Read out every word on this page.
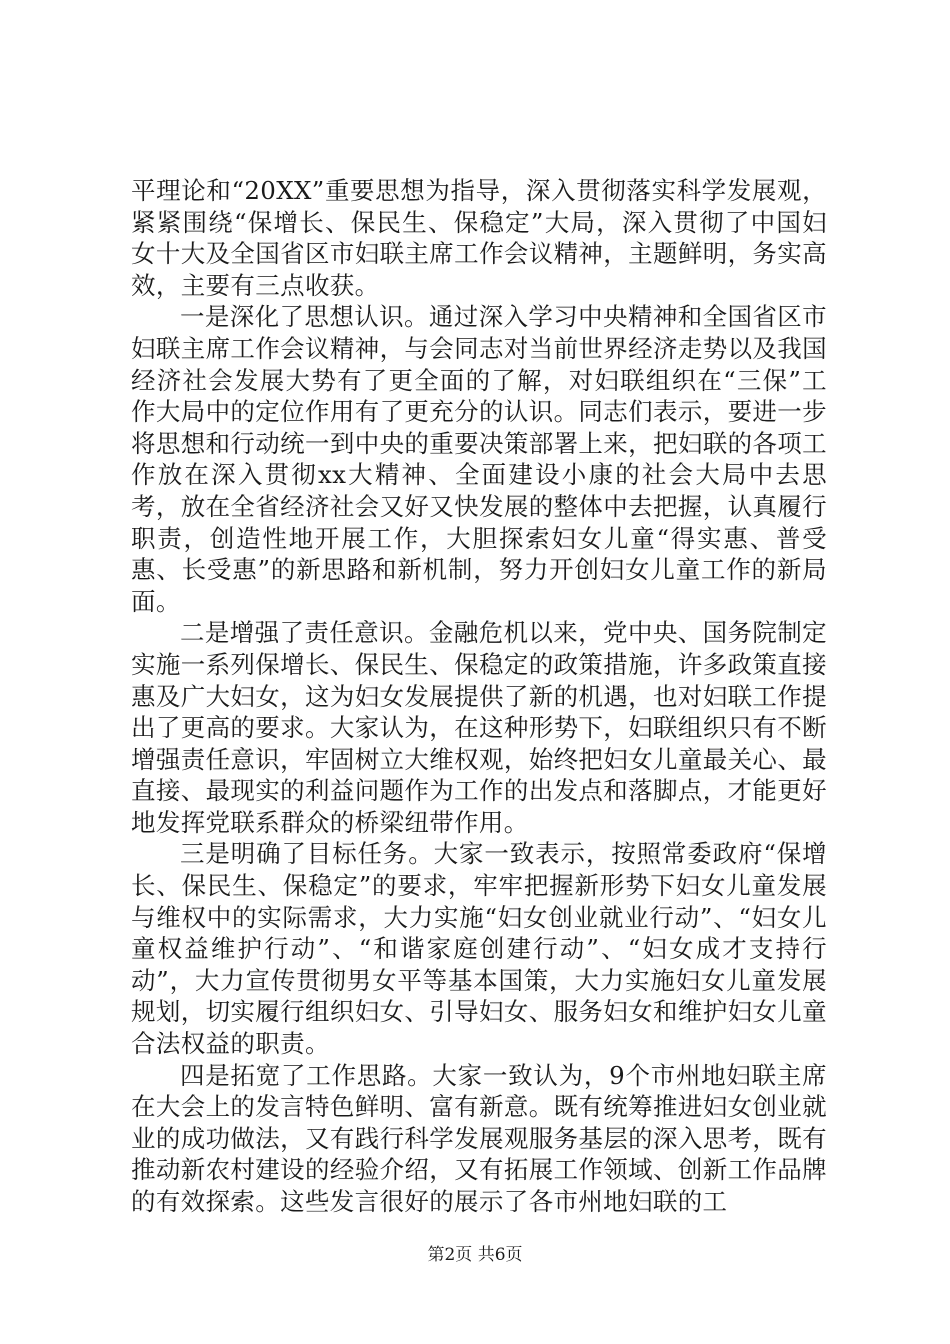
平理论和“20XX”重要思想为指导，深入贯彻落实科学发展观，紧紧围绕“保增长、保民生、保稳定”大局，深入贯彻了中国妇女十大及全国省区市妇联主席工作会议精神，主题鲜明，务实高效，主要有三点收获。

一是深化了思想认识。通过深入学习中央精神和全国省区市妇联主席工作会议精神，与会同志对当前世界经济走势以及我国经济社会发展大势有了更全面的了解，对妇联组织在“三保”工作大局中的定位作用有了更充分的认识。同志们表示，要进一步将思想和行动统一到中央的重要决策部署上来，把妇联的各项工作放在深入贯彻xx大精神、全面建设小康的社会大局中去思考，放在全省经济社会又好又快发展的整体中去把握，认真履行职责，创造性地开展工作，大胆探索妇女儿童“得实惠、普受惠、长受惠”的新思路和新机制，努力开创妇女儿童工作的新局面。

二是增强了责任意识。金融危机以来，党中央、国务院制定实施一系列保增长、保民生、保稳定的政策措施，许多政策直接惠及广大妇女，这为妇女发展提供了新的机遇，也对妇联工作提出了更高的要求。大家认为，在这种形势下，妇联组织只有不断增强责任意识，牢固树立大维权观，始终把妇女儿童最关心、最直接、最现实的利益问题作为工作的出发点和落脚点，才能更好地发挥党联系群众的桥梁纽带作用。

三是明确了目标任务。大家一致表示，按照常委政府“保增长、保民生、保稳定”的要求，牢牢把握新形势下妇女儿童发展与维权中的实际需求，大力实施“妇女创业就业行动”、“妇女儿童权益维护行动”、“和谐家庭创建行动”、“妇女成才支持行动”，大力宣传贯彻男女平等基本国策，大力实施妇女儿童发展规划，切实履行组织妇女、引导妇女、服务妇女和维护妇女儿童合法权益的职责。

四是拓宽了工作思路。大家一致认为，9个市州地妇联主席在大会上的发言特色鲜明、富有新意。既有统筹推进妇女创业就业的成功做法，又有践行科学发展观服务基层的深入思考，既有推动新农村建设的经验介绍，又有拓展工作领域、创新工作品牌的有效探索。这些发言很好的展示了各市州地妇联的工

第2页 共6页
